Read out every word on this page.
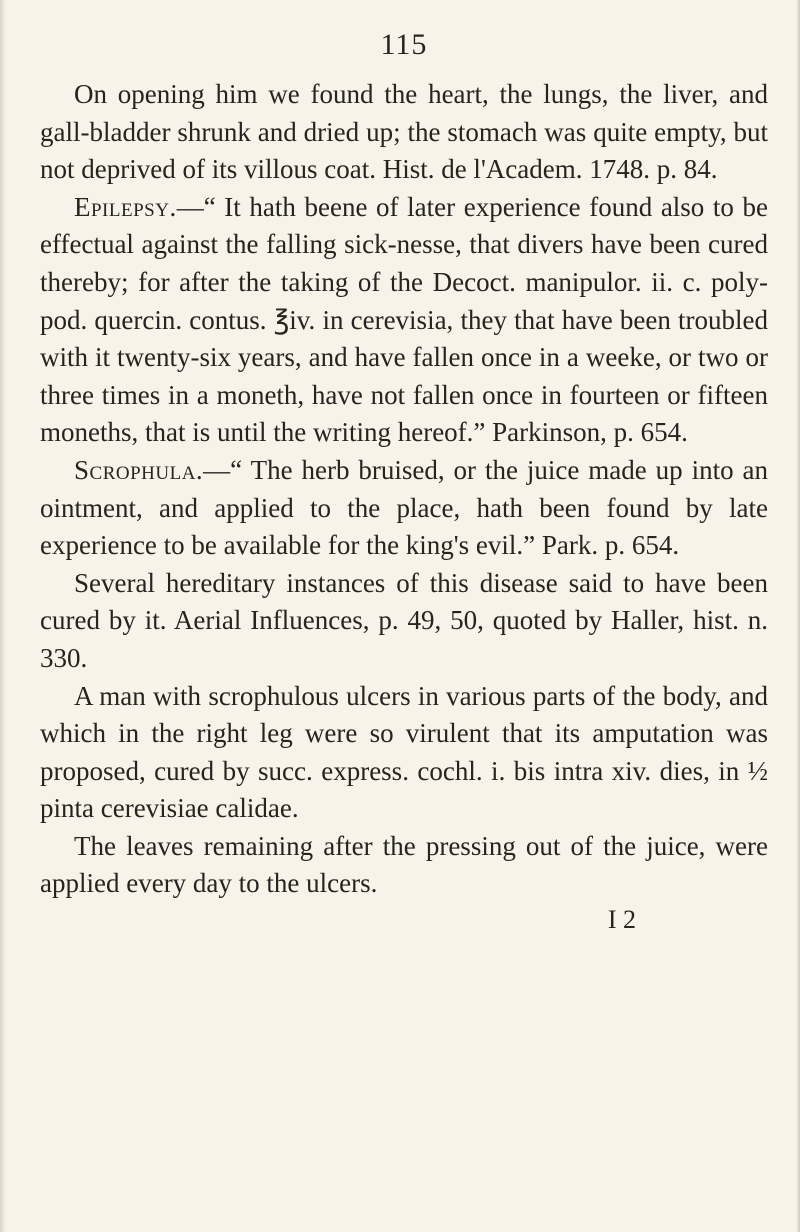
115

On opening him we found the heart, the lungs, the liver, and gall-bladder shrunk and dried up; the stomach was quite empty, but not deprived of its villous coat. Hist. de l'Academ. 1748. p. 84.

Epilepsy.—“ It hath beene of later experience found also to be effectual against the falling sick-nesse, that divers have been cured thereby; for after the taking of the Decoct. manipulor. ii. c. poly-pod. quercin. contus. ℥iv. in cerevisia, they that have been troubled with it twenty-six years, and have fallen once in a weeke, or two or three times in a moneth, have not fallen once in fourteen or fifteen moneths, that is until the writing hereof.” Parkinson, p. 654.

Scrophula.—“ The herb bruised, or the juice made up into an ointment, and applied to the place, hath been found by late experience to be available for the king's evil.” Park. p. 654.

Several hereditary instances of this disease said to have been cured by it. Aerial Influences, p. 49, 50, quoted by Haller, hist. n. 330.

A man with scrophulous ulcers in various parts of the body, and which in the right leg were so virulent that its amputation was proposed, cured by succ. express. cochl. i. bis intra xiv. dies, in ½ pinta cerevisiae calidae.

The leaves remaining after the pressing out of the juice, were applied every day to the ulcers.

I 2
